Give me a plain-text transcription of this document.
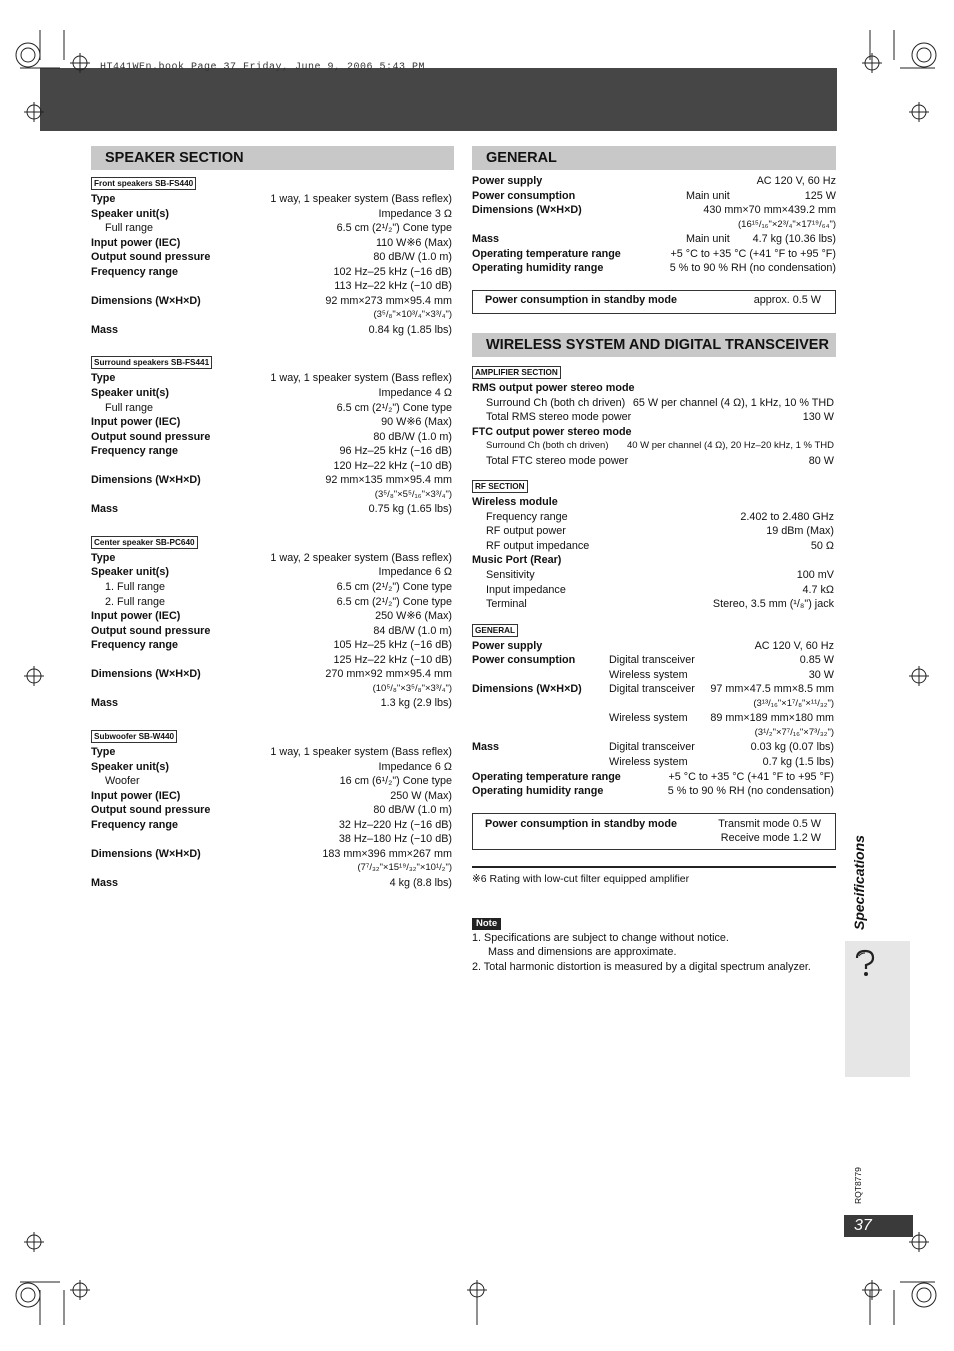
HT441WEn.book Page 37 Friday, June 9, 2006 5:43 PM
SPEAKER SECTION	GENERAL
WIRELESS SYSTEM AND DIGITAL TRANSCEIVER
Front speakers SB-FS440
Type	1 way, 1 speaker system (Bass reflex)
Speaker unit(s)	Impedance 3 Ω
Full range	6.5 cm (2¹/₂") Cone type
Input power (IEC)	110 W※6 (Max)
Output sound pressure	80 dB/W (1.0 m)
Frequency range	102 Hz–25 kHz (−16 dB)
113 Hz–22 kHz (−10 dB)
Dimensions (W×H×D)	92 mm×273 mm×95.4 mm
(3⁵/₈"×10³/₄"×3³/₄")
Mass	0.84 kg (1.85 lbs)
Surround speakers SB-FS441
Type	1 way, 1 speaker system (Bass reflex)
Speaker unit(s)	Impedance 4 Ω
Full range	6.5 cm (2¹/₂") Cone type
Input power (IEC)	90 W※6 (Max)
Output sound pressure	80 dB/W (1.0 m)
Frequency range	96 Hz–25 kHz (−16 dB)
120 Hz–22 kHz (−10 dB)
Dimensions (W×H×D)	92 mm×135 mm×95.4 mm
(3⁵/₈"×5⁵/₁₆"×3³/₄")
Mass	0.75 kg (1.65 lbs)
Center speaker SB-PC640
Type	1 way, 2 speaker system (Bass reflex)
Speaker unit(s)	Impedance 6 Ω
1. Full range	6.5 cm (2¹/₂") Cone type
2. Full range	6.5 cm (2¹/₂") Cone type
Input power (IEC)	250 W※6 (Max)
Output sound pressure	84 dB/W (1.0 m)
Frequency range	105 Hz–25 kHz (−16 dB)
125 Hz–22 kHz (−10 dB)
Dimensions (W×H×D)	270 mm×92 mm×95.4 mm
(10⁵/₈"×3⁵/₈"×3³/₄")
Mass	1.3 kg (2.9 lbs)
Subwoofer SB-W440
Type	1 way, 1 speaker system (Bass reflex)
Speaker unit(s)	Impedance 6 Ω
Woofer	16 cm (6¹/₂") Cone type
Input power (IEC)	250 W (Max)
Output sound pressure	80 dB/W (1.0 m)
Frequency range	32 Hz–220 Hz (−16 dB)
38 Hz–180 Hz (−10 dB)
Dimensions (W×H×D)	183 mm×396 mm×267 mm
(7⁷/₃₂"×15¹⁹/₃₂"×10¹/₂")
Mass	4 kg (8.8 lbs)
Power supply	AC 120 V, 60 Hz
Power consumption	Main unit	125 W
Dimensions (W×H×D)	430 mm×70 mm×439.2 mm
(16¹⁵/₁₆"×2³/₄"×17¹⁹/₆₄")
Mass	Main unit 4.7 kg (10.36 lbs)
Operating temperature range	+5 °C to +35 °C (+41 °F to +95 °F)
Operating humidity range	5 % to 90 % RH (no condensation)
Power consumption in standby mode	approx. 0.5 W
AMPLIFIER SECTION
RMS output power stereo mode
Surround Ch (both ch driven) 65 W per channel (4 Ω), 1 kHz, 10 % THD
Total RMS stereo mode power	130 W
FTC output power stereo mode
Surround Ch (both ch driven) 40 W per channel (4 Ω), 20 Hz–20 kHz, 1 % THD
Total FTC stereo mode power	80 W
RF SECTION
Wireless module
Frequency range	2.402 to 2.480 GHz
RF output power	19 dBm (Max)
RF output impedance	50 Ω
Music Port (Rear)
Sensitivity	100 mV
Input impedance	4.7 kΩ
Terminal	Stereo, 3.5 mm (¹/₈") jack
GENERAL
Power supply	AC 120 V, 60 Hz
Power consumption	Digital transceiver	0.85 W
Wireless system	30 W
Dimensions (W×H×D)	Digital transceiver 97 mm×47.5 mm×8.5 mm
(3¹³/₁₆"×1⁷/₈"×¹¹/₃₂")
Wireless system 89 mm×189 mm×180 mm
(3¹/₂"×7⁷/₁₆"×7³/₃₂")
Mass	Digital transceiver	0.03 kg (0.07 lbs)
Wireless system	0.7 kg (1.5 lbs)
Operating temperature range	+5 °C to +35 °C (+41 °F to +95 °F)
Operating humidity range	5 % to 90 % RH (no condensation)
Power consumption in standby mode	Transmit mode 0.5 W
Receive mode 1.2 W
※6 Rating with low-cut filter equipped amplifier
Note
1. Specifications are subject to change without notice.
Mass and dimensions are approximate.
2. Total harmonic distortion is measured by a digital spectrum analyzer.
Specifications
RQT8779
37
